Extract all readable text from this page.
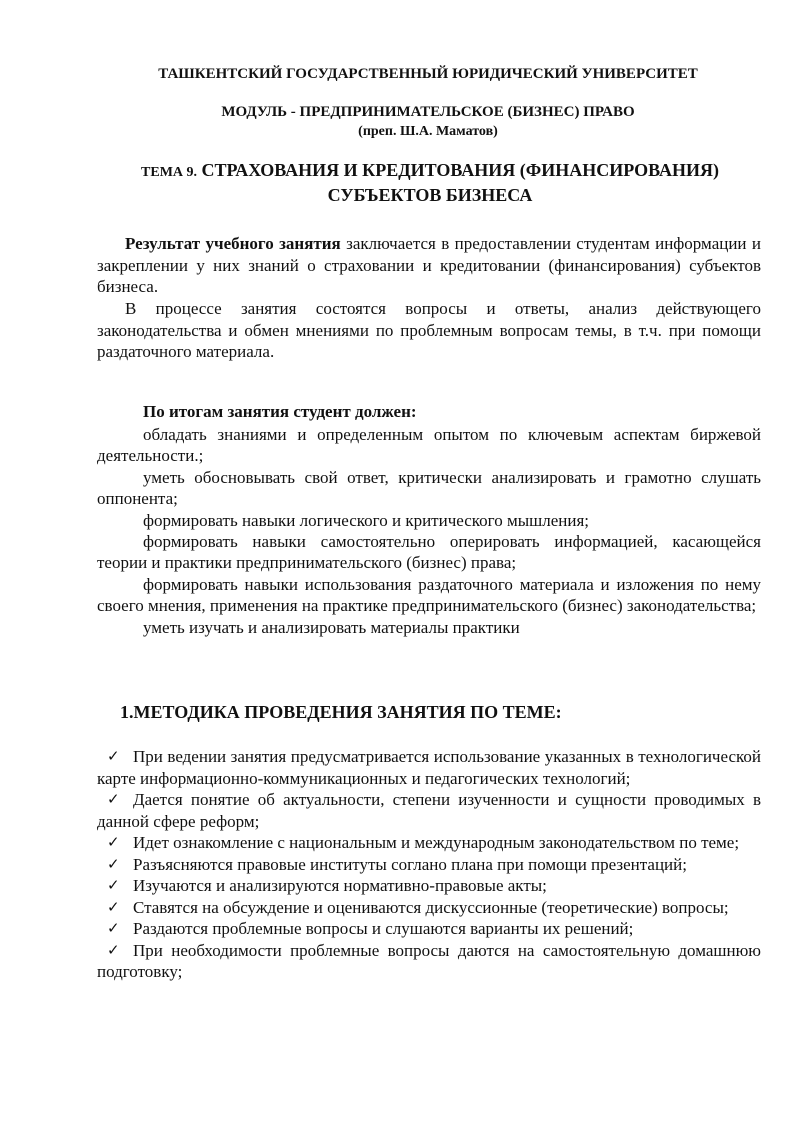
ТАШКЕНТСКИЙ ГОСУДАРСТВЕННЫЙ ЮРИДИЧЕСКИЙ УНИВЕРСИТЕТ
МОДУЛЬ - ПРЕДПРИНИМАТЕЛЬСКОЕ (БИЗНЕС) ПРАВО
(преп. Ш.А. Маматов)
ТЕМА 9. СТРАХОВАНИЯ И КРЕДИТОВАНИЯ (ФИНАНСИРОВАНИЯ)
СУБЪЕКТОВ БИЗНЕСА
Результат учебного занятия заключается в предоставлении студентам информации и закреплении у них знаний о страховании и кредитовании (финансирования) субъектов бизнеса.
В процессе занятия состоятся вопросы и ответы, анализ действующего законодательства и обмен мнениями по проблемным вопросам темы, в т.ч. при помощи раздаточного материала.
По итогам занятия студент должен:

обладать знаниями и определенным опытом по ключевым аспектам биржевой деятельности.;

уметь обосновывать свой ответ, критически анализировать и грамотно слушать оппонента;

формировать навыки логического и критического мышления;

формировать навыки самостоятельно оперировать информацией, касающейся теории и практики предпринимательского (бизнес) права;

формировать навыки использования раздаточного материала и изложения по нему своего мнения, применения на практике предпринимательского (бизнес) законодательства;

уметь изучать и анализировать материалы практики

1.МЕТОДИКА ПРОВЕДЕНИЯ ЗАНЯТИЯ ПО ТЕМЕ:
✓ При ведении занятия предусматривается использование указанных в технологической карте информационно-коммуникационных и педагогических технологий;
✓ Дается понятие об актуальности, степени изученности и сущности проводимых в данной сфере реформ;
✓ Идет ознакомление с национальным и международным законодательством по теме;
✓ Разъясняются правовые институты соглано плана при помощи презентаций;
✓ Изучаются и анализируются нормативно-правовые акты;
✓ Ставятся на обсуждение и оцениваются дискуссионные (теоретические) вопросы;
✓ Раздаются проблемные вопросы и слушаются варианты их решений;
✓ При необходимости проблемные вопросы даются на самостоятельную домашнюю подготовку;
